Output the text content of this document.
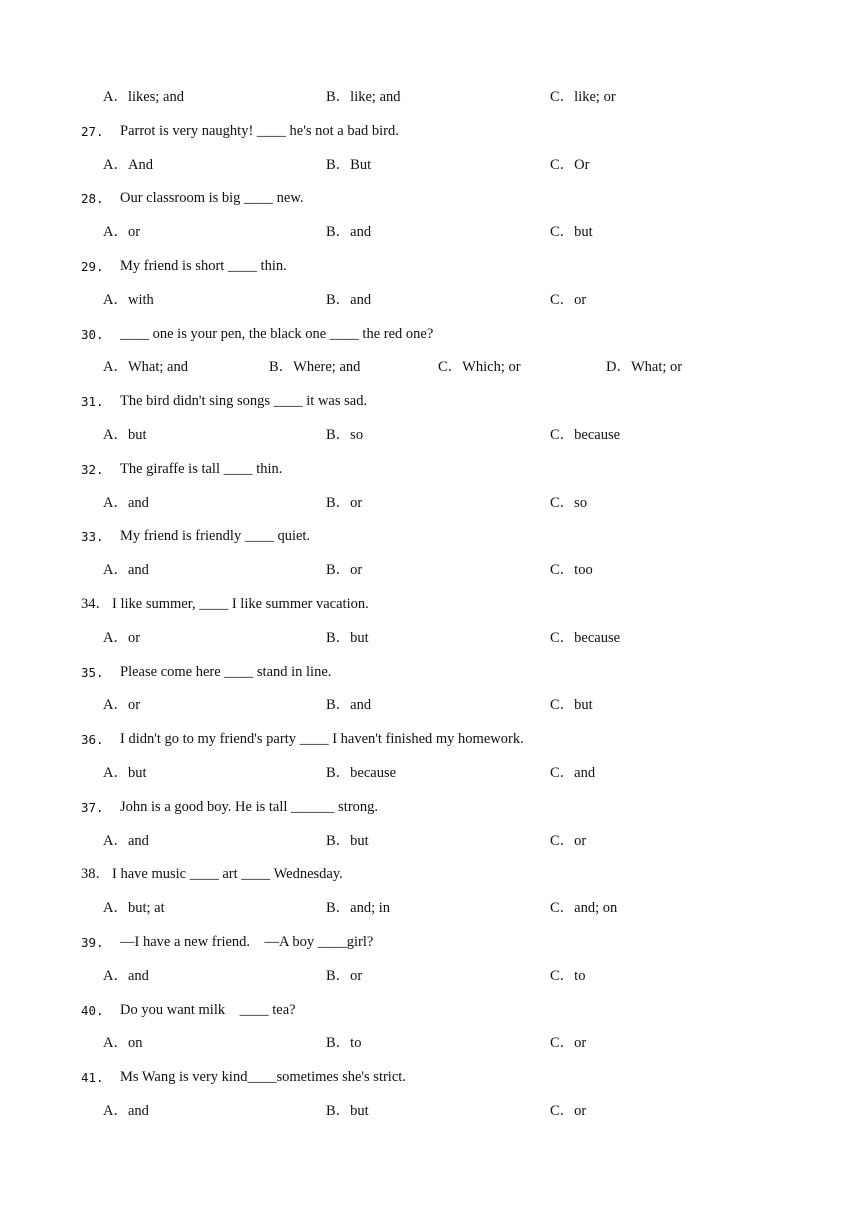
A．likes; and	B．like; and	C．like; or
27. Parrot is very naughty! ____ he's not a bad bird.
A．And	B．But	C．Or
28. Our classroom is big ____ new.
A．or	B．and	C．but
29. My friend is short ____ thin.
A．with	B．and	C．or
30. ____ one is your pen, the black one ____ the red one?
A．What; and	B．Where; and	C．Which; or	D．What; or
31. The bird didn't sing songs ____ it was sad.
A．but	B．so	C．because
32. The giraffe is tall ____ thin.
A．and	B．or	C．so
33. My friend is friendly ____ quiet.
A．and	B．or	C．too
34． I like summer, ____ I like summer vacation.
A．or	B．but	C．because
35. Please come here ____ stand in line.
A．or	B．and	C．but
36. I didn't go to my friend's party ____ I haven't finished my homework.
A．but	B．because	C．and
37. John is a good boy. He is tall ______ strong.
A．and	B．but	C．or
38． I have music ____ art ____ Wednesday.
A．but; at	B．and; in	C．and; on
39. —I have a new friend.    —A boy ____girl?
A．and	B．or	C．to
40. Do you want milk    ____ tea?
A．on	B．to	C．or
41. Ms Wang is very kind____sometimes she's strict.
A．and	B．but	C．or
